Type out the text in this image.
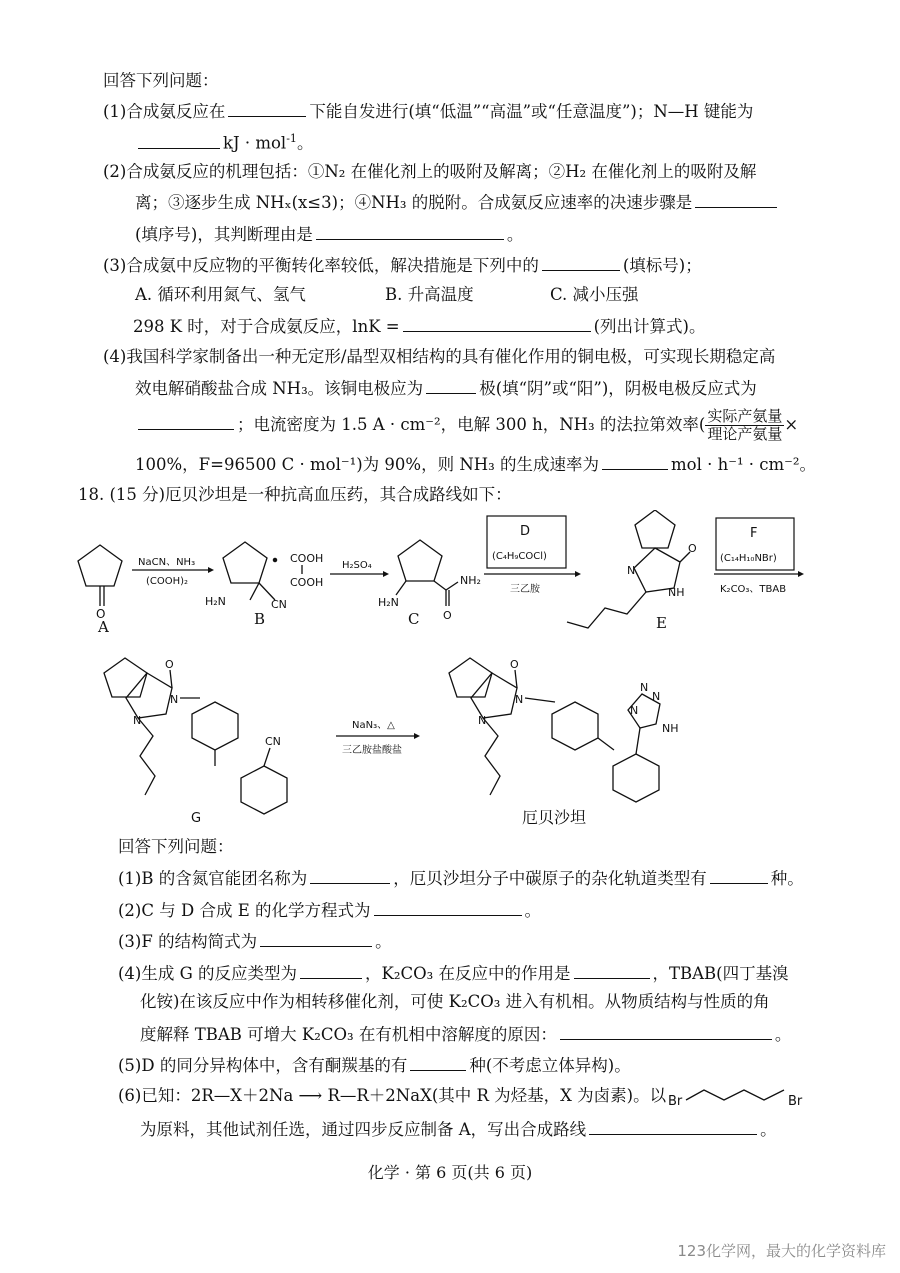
回答下列问题：
(1)合成氨反应在	下能自发进行(填“低温”“高温”或“任意温度”)；N—H 键能为
kJ · mol$^{-1}$。
(2)合成氨反应的机理包括：①N₂ 在催化剂上的吸附及解离；②H₂ 在催化剂上的吸附及解
离；③逐步生成 NHₓ(x≤3)；④NH₃ 的脱附。合成氨反应速率的决速步骤是
(填序号)，其判断理由是	。
(3)合成氨中反应物的平衡转化率较低，解决措施是下列中的	(填标号)；
A. 循环利用氮气、氢气	B. 升高温度	C. 减小压强
298 K 时，对于合成氨反应，lnK =	(列出计算式)。
(4)我国科学家制备出一种无定形/晶型双相结构的具有催化作用的铜电极，可实现长期稳定高
效电解硝酸盐合成 NH₃。该铜电极应为	极(填“阴”或“阳”)，阴极电极反应式为
；电流密度为 1.5 A · cm⁻²，电解 300 h，NH₃ 的法拉第效率( $\frac{\text{实际产氨量}}{\text{理论产氨量}}$ ×
100%，F=96500 C · mol⁻¹)为 90%，则 NH₃ 的生成速率为	mol · h⁻¹ · cm⁻²。
18. (15 分)厄贝沙坦是一种抗高血压药，其合成路线如下：
O
NaCN、NH₃
(COOH)₂
COOH
COOH
H₂N	CN
H₂SO₄
H₂N
NH₂
O
D
(C₄H₉COCl)
三乙胺
O
N
NH
F
(C₁₄H₁₀NBr)
K₂CO₃、TBAB
O
N
N
CN
G
NaN₃、△
三乙胺盐酸盐
O
N
N
N
N
N
NH
A	B	C	E
厄贝沙坦
回答下列问题：
(1)B 的含氮官能团名称为	，厄贝沙坦分子中碳原子的杂化轨道类型有	种。
(2)C 与 D 合成 E 的化学方程式为	。
(3)F 的结构简式为	。
(4)生成 G 的反应类型为	，K₂CO₃ 在反应中的作用是	，TBAB(四丁基溴
化铵)在该反应中作为相转移催化剂，可使 K₂CO₃ 进入有机相。从物质结构与性质的角
度解释 TBAB 可增大 K₂CO₃ 在有机相中溶解度的原因：	。
(5)D 的同分异构体中，含有酮羰基的有	种(不考虑立体异构)。
(6)已知：2R—X＋2Na ⟶ R—R＋2NaX(其中 R 为烃基，X 为卤素)。以 Br	Br
为原料，其他试剂任选，通过四步反应制备 A，写出合成路线	。
化学 · 第 6 页(共 6 页)
123化学网，最大的化学资料库
